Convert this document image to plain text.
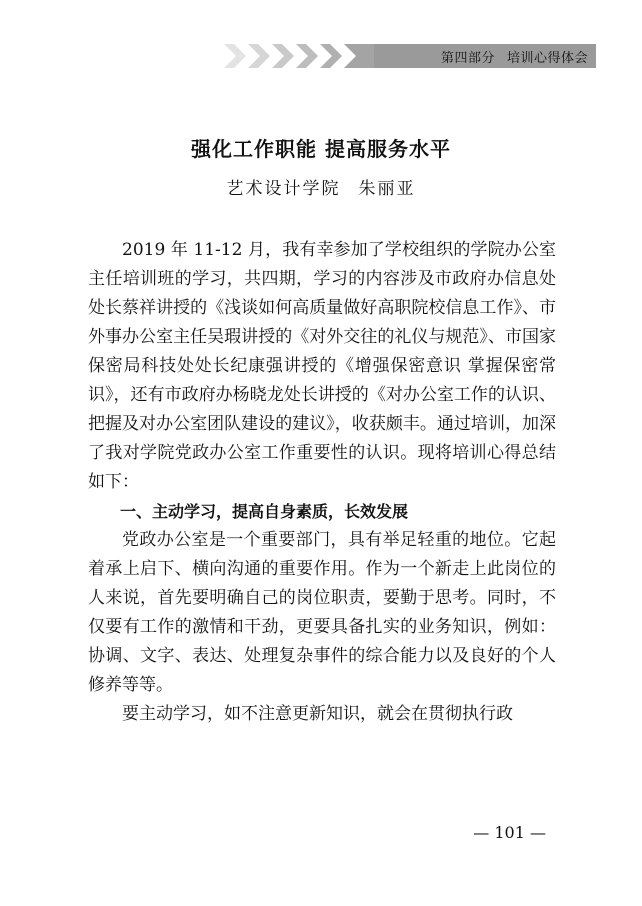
第四部分 培训心得体会
强化工作职能 提高服务水平
艺术设计学院 朱丽亚

2019 年 11-12 月，我有幸参加了学校组织的学院办公室主任培训班的学习，共四期，学习的内容涉及市政府办信息处处长蔡祥讲授的《浅谈如何高质量做好高职院校信息工作》、市外事办公室主任吴瑕讲授的《对外交往的礼仪与规范》、市国家保密局科技处处长纪康强讲授的《增强保密意识 掌握保密常识》，还有市政府办杨晓龙处长讲授的《对办公室工作的认识、把握及对办公室团队建设的建议》，收获颇丰。通过培训，加深了我对学院党政办公室工作重要性的认识。现将培训心得总结如下：

一、主动学习，提高自身素质，长效发展

党政办公室是一个重要部门，具有举足轻重的地位。它起着承上启下、横向沟通的重要作用。作为一个新走上此岗位的人来说，首先要明确自己的岗位职责，要勤于思考。同时，不仅要有工作的激情和干劲，更要具备扎实的业务知识，例如：协调、文字、表达、处理复杂事件的综合能力以及良好的个人修养等等。

要主动学习，如不注意更新知识，就会在贯彻执行政

— 101 —
